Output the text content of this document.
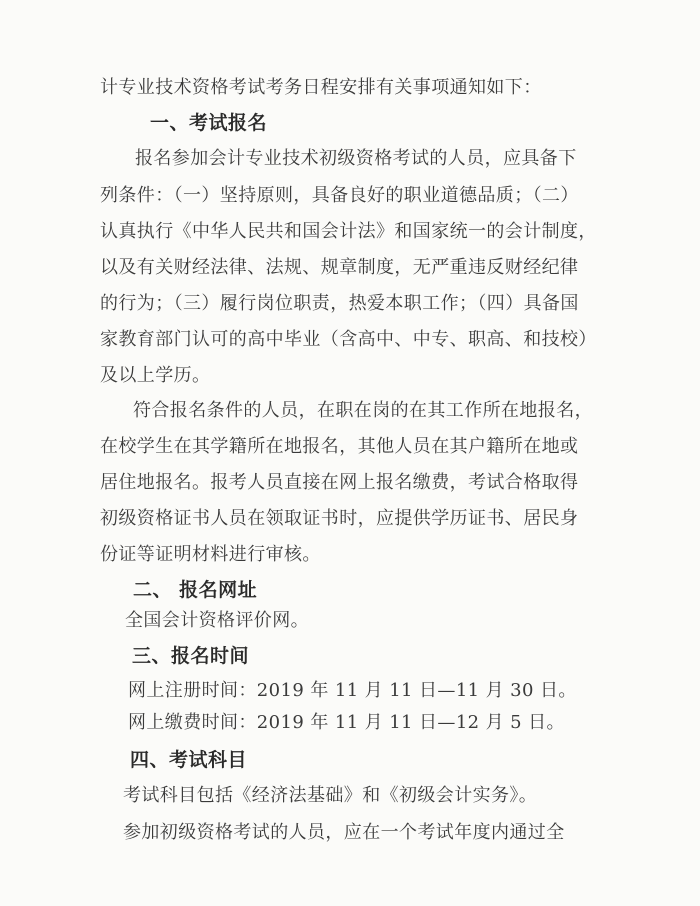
计专业技术资格考试考务日程安排有关事项通知如下：
一、考试报名
报名参加会计专业技术初级资格考试的人员，应具备下
列条件：（一）坚持原则，具备良好的职业道德品质；（二）
认真执行《中华人民共和国会计法》和国家统一的会计制度，
以及有关财经法律、法规、规章制度，无严重违反财经纪律
的行为；（三）履行岗位职责，热爱本职工作；（四）具备国
家教育部门认可的高中毕业（含高中、中专、职高、和技校）
及以上学历。
符合报名条件的人员，在职在岗的在其工作所在地报名，
在校学生在其学籍所在地报名，其他人员在其户籍所在地或
居住地报名。报考人员直接在网上报名缴费，考试合格取得
初级资格证书人员在领取证书时，应提供学历证书、居民身
份证等证明材料进行审核。
二、 报名网址
全国会计资格评价网。
三、报名时间
网上注册时间：2019 年 11 月 11 日—11 月 30 日。
网上缴费时间：2019 年 11 月 11 日—12 月 5 日。
四、考试科目
考试科目包括《经济法基础》和《初级会计实务》。
参加初级资格考试的人员，应在一个考试年度内通过全
